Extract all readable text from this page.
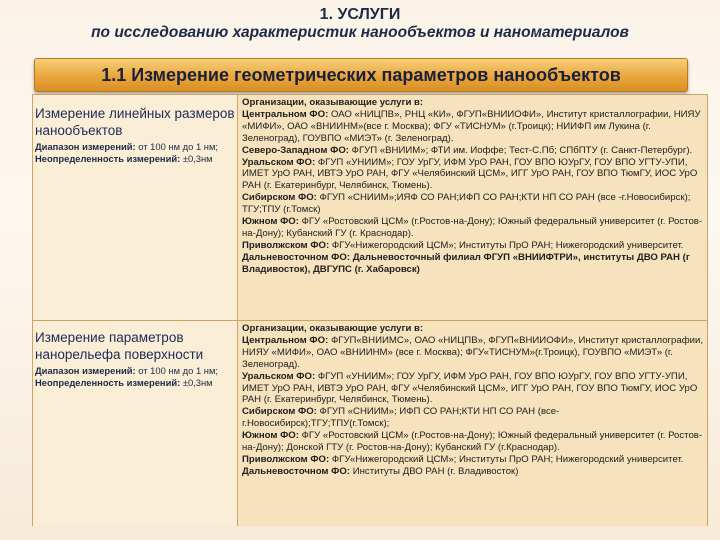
1. УСЛУГИ
по исследованию характеристик нанообъектов и наноматериалов
1.1 Измерение геометрических параметров нанообъектов
Измерение линейных размеров нанообъектов
Диапазон измерений: от 100 нм до 1 нм;
Неопределенность измерений: ±0,3нм

Организации, оказывающие услуги в:

Центральном ФО: ОАО «НИЦПВ», РНЦ «КИ», ФГУП«ВНИИОФИ», Институт кристаллографии, НИЯУ «МИФИ», ОАО «ВНИИНМ»(все г. Москва); ФГУ «ТИСНУМ» (г.Троицк); НИИФП им Лукина (г. Зеленоград), ГОУВПО «МИЭТ» (г. Зеленоград).

Северо-Западном ФО: ФГУП «ВНИИМ»; ФТИ им. Иоффе; Тест-С.Пб; СПбПТУ (г. Санкт-Петербург).

Уральском ФО: ФГУП «УНИИМ»; ГОУ УрГУ, ИФМ УрО РАН, ГОУ ВПО ЮУрГУ, ГОУ ВПО УГТУ-УПИ, ИМЕТ УрО РАН, ИВТЭ УрО РАН, ФГУ «Челябинский ЦСМ», ИГГ УрО РАН, ГОУ ВПО ТюмГУ, ИОС УрО РАН (г. Екатеринбург, Челябинск, Тюмень).

Сибирском ФО: ФГУП «СНИИМ»;ИЯФ СО РАН;ИФП СО РАН;КТИ НП СО РАН (все -г.Новосибирск); ТГУ;ТПУ (г.Томск)

Южном ФО: ФГУ «Ростовский ЦСМ» (г.Ростов-на-Дону); Южный федеральный университет (г. Ростов-на-Дону); Кубанский ГУ (г. Краснодар).

Приволжском ФО: ФГУ«Нижегородский ЦСМ»; Институты ПрО РАН; Нижегородский университет.

Дальневосточном ФО: Дальневосточный филиал ФГУП «ВНИИФТРИ», институты ДВО РАН (г Владивосток), ДВГУПС (г. Хабаровск)

Измерение параметров нанорельефа поверхности
Диапазон измерений: от 100 нм до 1 нм;
Неопределенность измерений: ±0,3нм

Организации, оказывающие услуги в:

Центральном ФО: ФГУП«ВНИИМС», ОАО «НИЦПВ», ФГУП«ВНИИОФИ», Институт кристаллографии, НИЯУ «МИФИ», ОАО «ВНИИНМ» (все г. Москва); ФГУ«ТИСНУМ»(г.Троицк), ГОУВПО «МИЭТ» (г. Зеленоград).

Уральском ФО: ФГУП «УНИИМ»; ГОУ УрГУ, ИФМ УрО РАН, ГОУ ВПО ЮУрГУ, ГОУ ВПО УГТУ-УПИ, ИМЕТ УрО РАН, ИВТЭ УрО РАН, ФГУ «Челябинский ЦСМ», ИГГ УрО РАН, ГОУ ВПО ТюмГУ, ИОС УрО РАН (г. Екатеринбург, Челябинск, Тюмень).

Сибирском ФО: ФГУП «СНИИМ»; ИФП СО РАН;КТИ НП СО РАН (все-г.Новосибирск);ТГУ;ТПУ(г.Томск);

Южном ФО: ФГУ «Ростовский ЦСМ» (г.Ростов-на-Дону); Южный федеральный университет (г. Ростов-на-Дону); Донской ГТУ (г. Ростов-на-Дону); Кубанский ГУ (г.Краснодар).

Приволжском ФО: ФГУ«Нижегородский ЦСМ»; Институты ПрО РАН; Нижегородский университет.

Дальневосточном ФО: Институты ДВО РАН (г. Владивосток)
